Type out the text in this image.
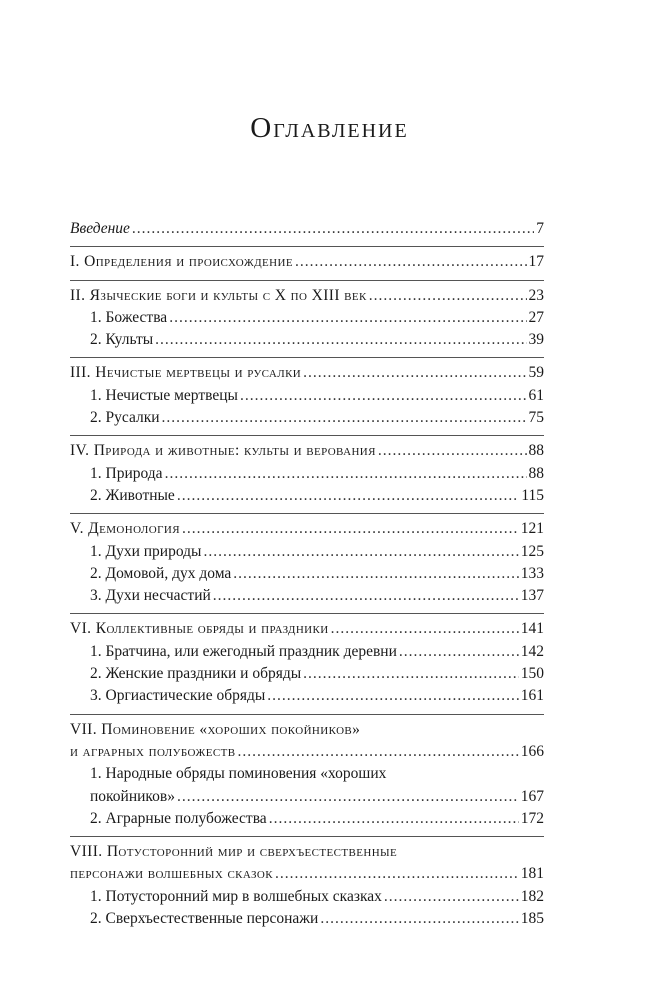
Оглавление
Введение .....	7
I. Определения и происхождение .....	17
II. Языческие боги и культы с X по XIII век .....	23
1. Божества .....	27
2. Культы .....	39
III. Нечистые мертвецы и русалки .....	59
1. Нечистые мертвецы .....	61
2. Русалки .....	75
IV. Природа и животные: культы и верования .....	88
1. Природа .....	88
2. Животные .....	115
V. Демонология .....	121
1. Духи природы .....	125
2. Домовой, дух дома .....	133
3. Духи несчастий .....	137
VI. Коллективные обряды и праздники .....	141
1. Братчина, или ежегодный праздник деревни .....	142
2. Женские праздники и обряды .....	150
3. Оргиастические обряды .....	161
VII. Поминовение «хороших покойников»
и аграрных полубожеств .....	166
1. Народные обряды поминовения «хороших
покойников» .....	167
2. Аграрные полубожества .....	172
VIII. Потусторонний мир и сверхъестественные
персонажи волшебных сказок .....	181
1. Потусторонний мир в волшебных сказках .....	182
2. Сверхъестественные персонажи .....	185
